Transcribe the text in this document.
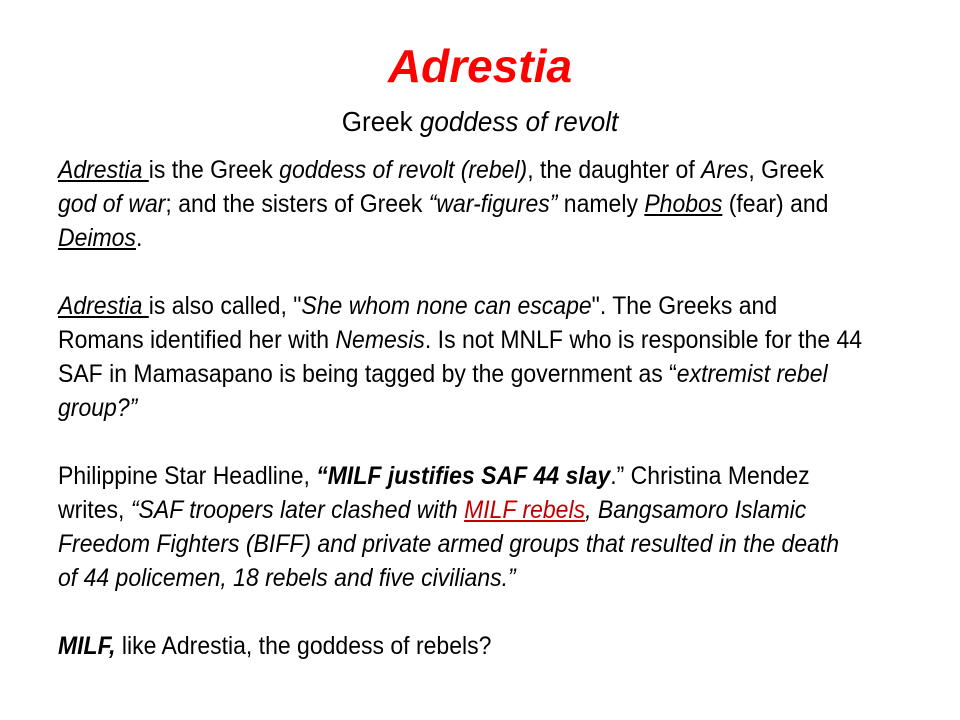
Adrestia
Greek goddess of revolt

Adrestia is the Greek goddess of revolt (rebel), the daughter of Ares, Greek

god of war; and the sisters of Greek “war-figures” namely Phobos (fear) and

Deimos.

Adrestia is also called, "She whom none can escape". The Greeks and

Romans identified her with Nemesis. Is not MNLF who is responsible for the 44

SAF in Mamasapano is being tagged by the government as “extremist rebel

group?”

Philippine Star Headline, “MILF justifies SAF 44 slay.” Christina Mendez

writes, “SAF troopers later clashed with MILF rebels, Bangsamoro Islamic

Freedom Fighters (BIFF) and private armed groups that resulted in the death

of 44 policemen, 18 rebels and five civilians.”

MILF, like Adrestia, the goddess of rebels?
